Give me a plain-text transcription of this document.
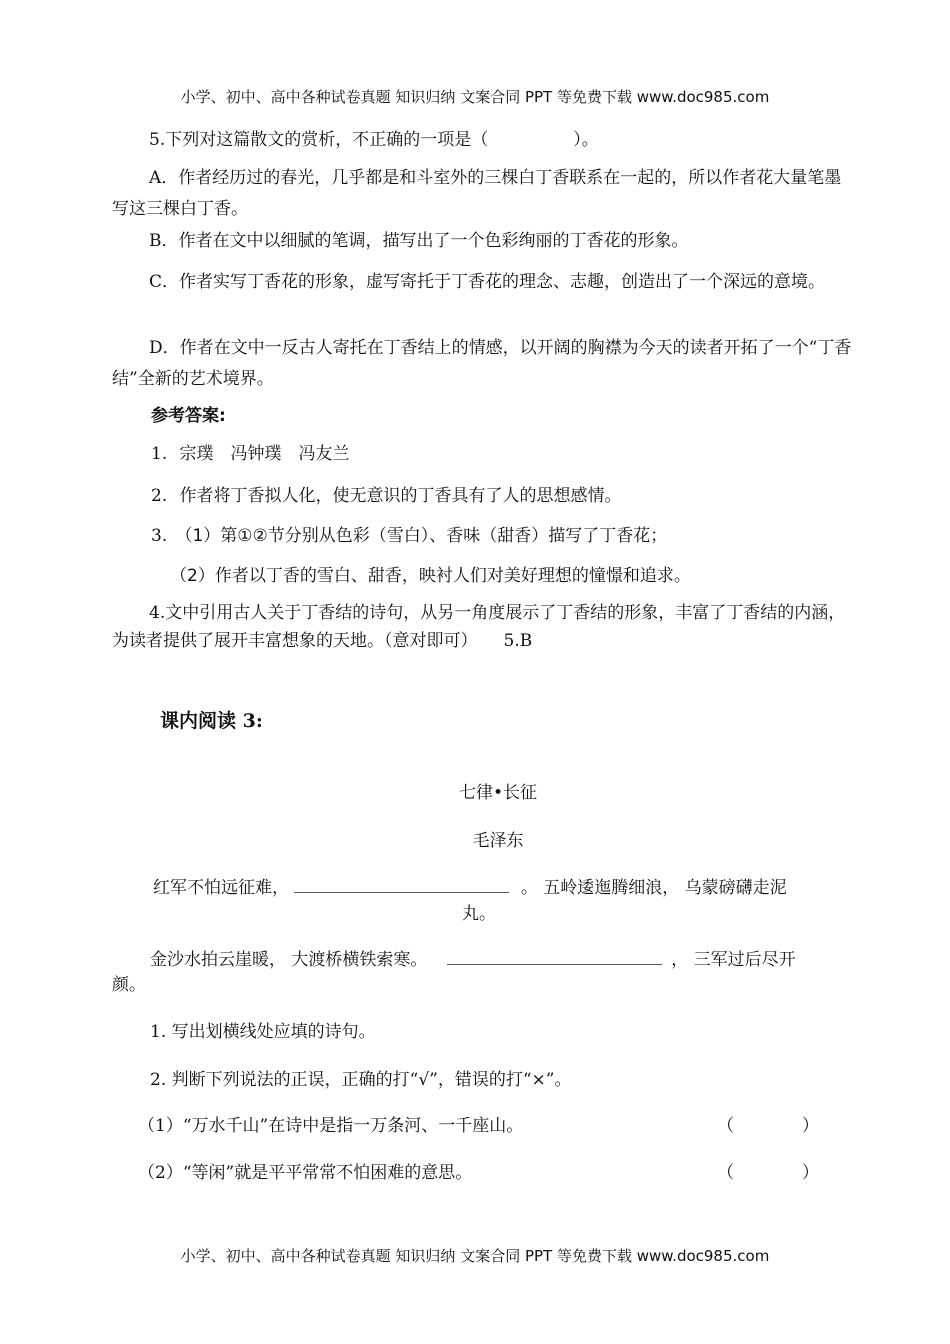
小学、初中、高中各种试卷真题 知识归纳 文案合同 PPT 等免费下载 www.doc985.com
5.下列对这篇散文的赏析，不正确的一项是（　　　　　）。
A．作者经历过的春光，几乎都是和斗室外的三棵白丁香联系在一起的，所以作者花大量笔墨写这三棵白丁香。
B．作者在文中以细腻的笔调，描写出了一个色彩绚丽的丁香花的形象。
C．作者实写丁香花的形象，虚写寄托于丁香花的理念、志趣，创造出了一个深远的意境。
D．作者在文中一反古人寄托在丁香结上的情感，以开阔的胸襟为今天的读者开拓了一个“丁香结”全新的艺术境界。
参考答案:
1. 宗璞　冯钟璞　冯友兰
2. 作者将丁香拟人化，使无意识的丁香具有了人的思想感情。
3. （1）第①②节分别从色彩（雪白）、香味（甜香）描写了丁香花；
（2）作者以丁香的雪白、甜香，映衬人们对美好理想的憧憬和追求。
4.文中引用古人关于丁香结的诗句，从另一角度展示了丁香结的形象，丰富了丁香结的内涵，为读者提供了展开丰富想象的天地。（意对即可） 5.B
课内阅读 3:
七律•长征
毛泽东
红军不怕远征难，	。 五岭逶迤腾细浪， 乌蒙磅礴走泥
丸。
金沙水拍云崖暖， 大渡桥横铁索寒。	， 三军过后尽开
颜。
1. 写出划横线处应填的诗句。
2. 判断下列说法的正误，正确的打“√”，错误的打“×”。
（1）“万水千山”在诗中是指一万条河、一千座山。	（　　　　）
（2）“等闲”就是平平常常不怕困难的意思。	（　　　　）
小学、初中、高中各种试卷真题 知识归纳 文案合同 PPT 等免费下载 www.doc985.com
